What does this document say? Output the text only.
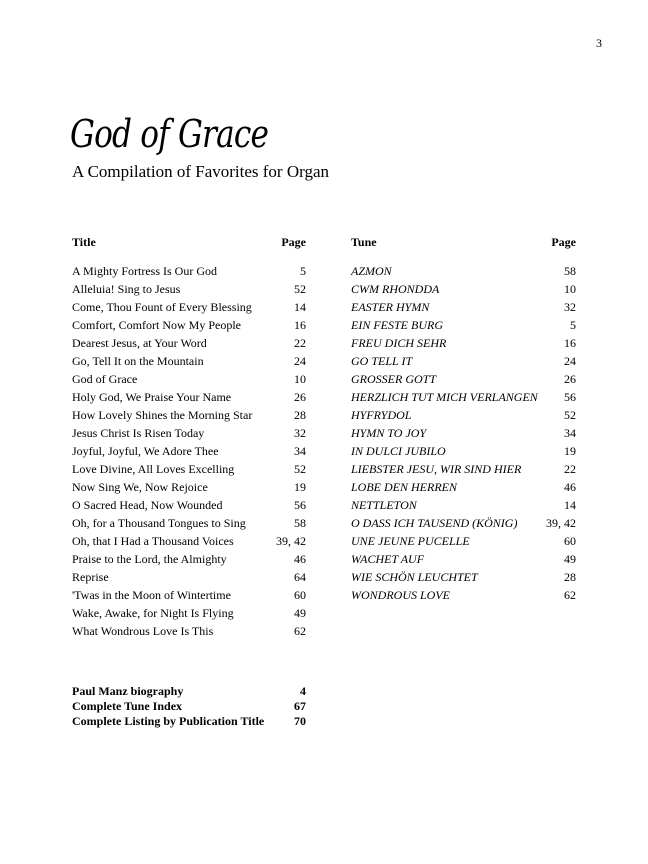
3
God of Grace
A Compilation of Favorites for Organ
Title	Page
A Mighty Fortress Is Our God	5
Alleluia! Sing to Jesus	52
Come, Thou Fount of Every Blessing	14
Comfort, Comfort Now My People	16
Dearest Jesus, at Your Word	22
Go, Tell It on the Mountain	24
God of Grace	10
Holy God, We Praise Your Name	26
How Lovely Shines the Morning Star	28
Jesus Christ Is Risen Today	32
Joyful, Joyful, We Adore Thee	34
Love Divine, All Loves Excelling	52
Now Sing We, Now Rejoice	19
O Sacred Head, Now Wounded	56
Oh, for a Thousand Tongues to Sing	58
Oh, that I Had a Thousand Voices	39, 42
Praise to the Lord, the Almighty	46
Reprise	64
'Twas in the Moon of Wintertime	60
Wake, Awake, for Night Is Flying	49
What Wondrous Love Is This	62
Tune	Page
AZMON	58
CWM RHONDDA	10
EASTER HYMN	32
EIN FESTE BURG	5
FREU DICH SEHR	16
GO TELL IT	24
GROSSER GOTT	26
HERZLICH TUT MICH VERLANGEN 56
HYFRYDOL	52
HYMN TO JOY	34
IN DULCI JUBILO	19
LIEBSTER JESU, WIR SIND HIER	22
LOBE DEN HERREN	46
NETTLETON	14
O DASS ICH TAUSEND (KÖNIG) 39, 42
UNE JEUNE PUCELLE	60
WACHET AUF	49
WIE SCHÖN LEUCHTET	28
WONDROUS LOVE	62
Paul Manz biography	4
Complete Tune Index	67
Complete Listing by Publication Title 70
